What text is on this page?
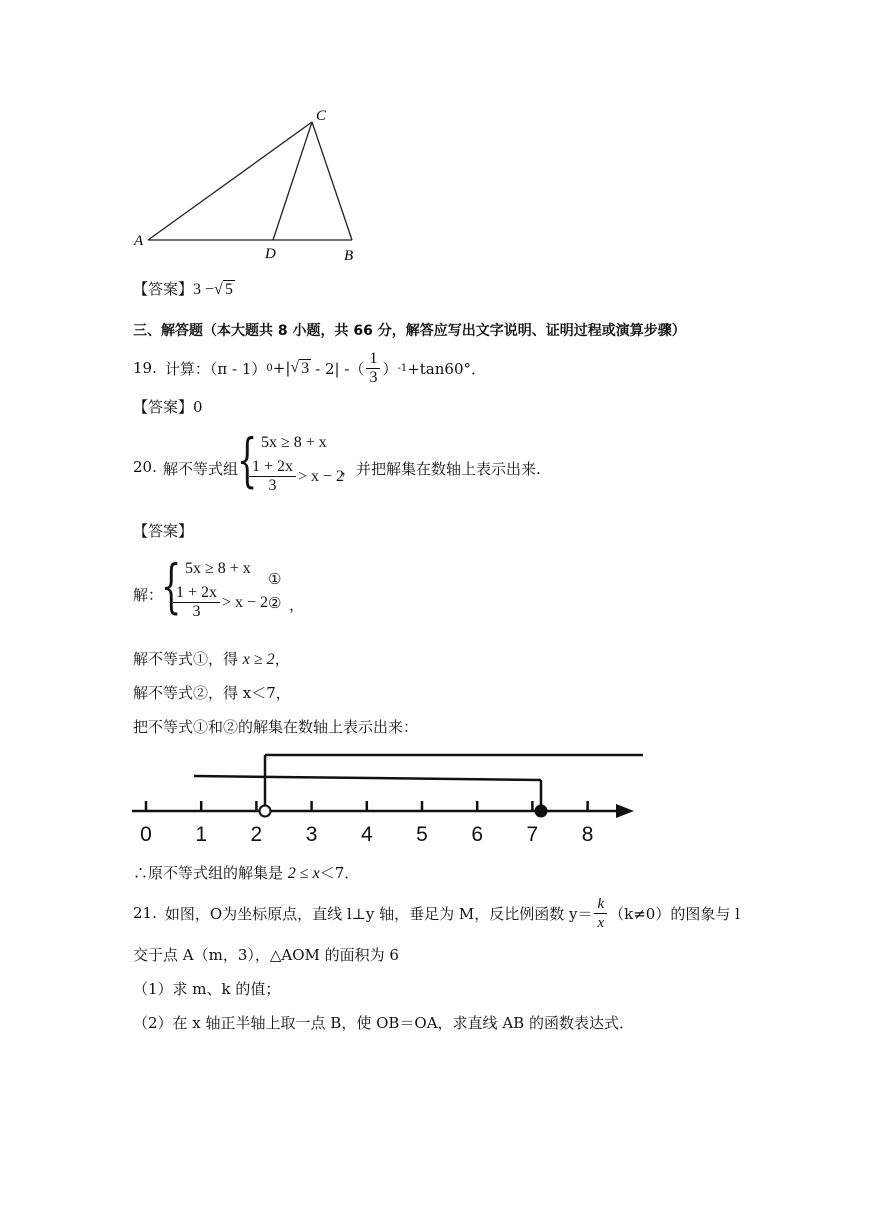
A
B
C
D
【答案】3 −√ 5
三、解答题（本大题共 8 小题，共 66 分，解答应写出文字说明、证明过程或演算步骤）
19. 计算：（π - 1） 0 +| √ 3 - 2| -（ $\frac{1}{3}$ ） -1 +tan60°．
【答案】0
20. 解不等式组
{ 5x ≥ 8 + x
$\frac{1 + 2x}{3} > x - 2$
，并把解集在数轴上表示出来.
【答案】
解：
{ 5x ≥ 8 + x
①
$\frac{1 + 2x}{3} > x - 2$ ② ，
解不等式①，得 x ≥ 2，
解不等式②，得 x＜7，
把不等式①和②的解集在数轴上表示出来：
0 1 2 3 4 5 6 7 8
∴原不等式组的解集是 2 ≤ x＜7．
21. 如图，O为坐标原点，直线 l⊥y 轴，垂足为 M，反比例函数 $y= \frac{k}{x} (k\ne 0)$的图象与 l
交于点 A（m，3），△AOM 的面积为 6
（1）求 m、k 的值；
（2）在 x 轴正半轴上取一点 B，使 OB＝OA，求直线 AB 的函数表达式．
